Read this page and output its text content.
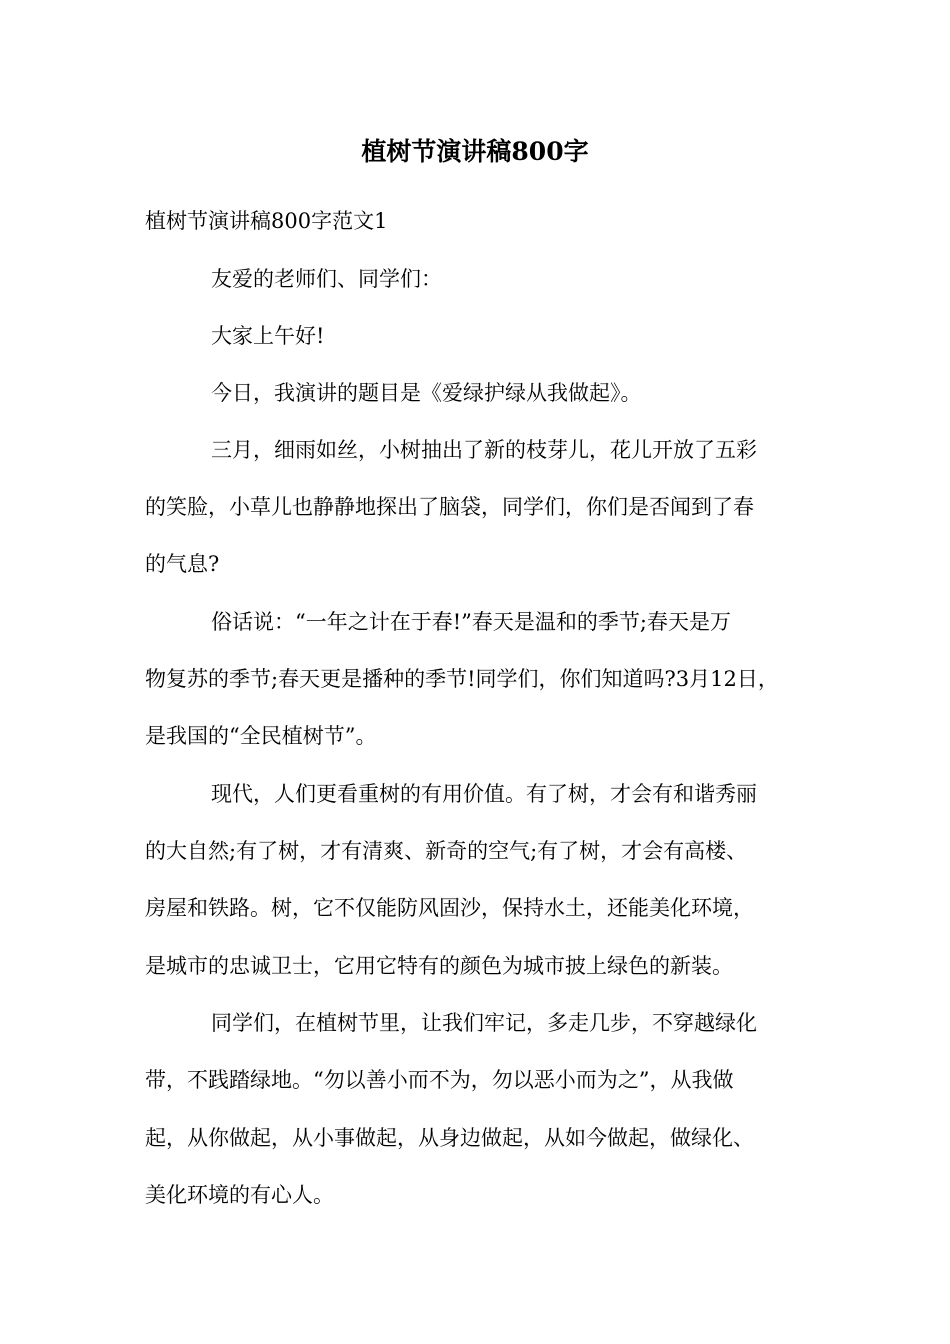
植树节演讲稿800字
植树节演讲稿800字范文1
友爱的老师们、同学们：
大家上午好!
今日，我演讲的题目是《爱绿护绿从我做起》。
三月，细雨如丝，小树抽出了新的枝芽儿，花儿开放了五彩
的笑脸，小草儿也静静地探出了脑袋，同学们，你们是否闻到了春
的气息?
俗话说：“一年之计在于春!”春天是温和的季节;春天是万
物复苏的季节;春天更是播种的季节!同学们，你们知道吗?3月12日，
是我国的“全民植树节”。
现代，人们更看重树的有用价值。有了树，才会有和谐秀丽
的大自然;有了树，才有清爽、新奇的空气;有了树，才会有高楼、
房屋和铁路。树，它不仅能防风固沙，保持水土，还能美化环境，
是城市的忠诚卫士，它用它特有的颜色为城市披上绿色的新装。
同学们，在植树节里，让我们牢记，多走几步，不穿越绿化
带，不践踏绿地。“勿以善小而不为，勿以恶小而为之”，从我做
起，从你做起，从小事做起，从身边做起，从如今做起，做绿化、
美化环境的有心人。
